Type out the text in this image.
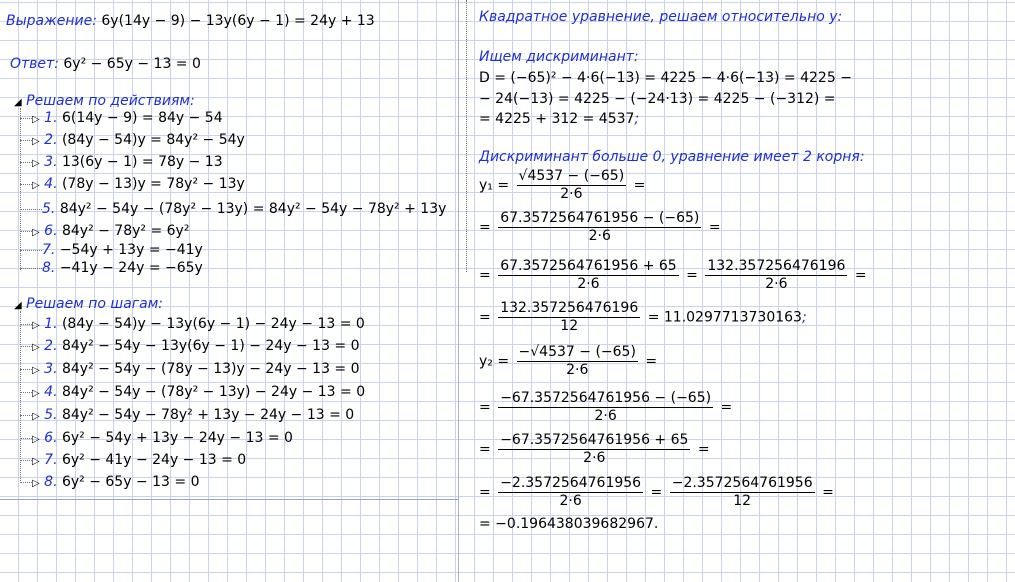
Выражение: 6y(14y − 9) − 13y(6y − 1) = 24y + 13
Ответ: 6y² − 65y − 13 = 0
◢ Решаем по действиям:
▷ 1. 6(14y − 9) = 84y − 54
▷ 2. (84y − 54)y = 84y² − 54y
▷ 3. 13(6y − 1) = 78y − 13
▷ 4. (78y − 13)y = 78y² − 13y
5. 84y² − 54y − (78y² − 13y) = 84y² − 54y − 78y² + 13y
▷ 6. 84y² − 78y² = 6y²
7. −54y + 13y = −41y
8. −41y − 24y = −65y
◢ Решаем по шагам:
▷ 1. (84y − 54)y − 13y(6y − 1) − 24y − 13 = 0
▷ 2. 84y² − 54y − 13y(6y − 1) − 24y − 13 = 0
▷ 3. 84y² − 54y − (78y − 13)y − 24y − 13 = 0
▷ 4. 84y² − 54y − (78y² − 13y) − 24y − 13 = 0
▷ 5. 84y² − 54y − 78y² + 13y − 24y − 13 = 0
▷ 6. 6y² − 54y + 13y − 24y − 13 = 0
▷ 7. 6y² − 41y − 24y − 13 = 0
▷ 8. 6y² − 65y − 13 = 0
Квадратное уравнение, решаем относительно y:
Ищем дискриминант:
D = (−65)² − 4·6(−13) = 4225 − 4·6(−13) = 4225 −
− 24(−13) = 4225 − (−24·13) = 4225 − (−312) =
= 4225 + 312 = 4537;
Дискриминант больше 0, уравнение имеет 2 корня:
$y_1 = \frac{√4537 - (-65)}{2\cdot 6}$ =
= $\frac{67.3572564761956 - (-65)}{2\cdot 6}$ =
= $\frac{67.3572564761956 + 65}{2\cdot 6} = \frac{132.357256476196}{2\cdot 6}$ =
= $\frac{132.357256476196}{12} = 11.0297713730163$;
$y_2 = \frac{-√4537 - (-65)}{2\cdot 6}$ =
= $\frac{-67.3572564761956 - (-65)}{2\cdot 6}$ =
= $\frac{-67.3572564761956 + 65}{2\cdot 6}$ =
= $\frac{-2.3572564761956}{2\cdot 6} = \frac{-2.3572564761956}{12}$ =
= −0.196438039682967.
